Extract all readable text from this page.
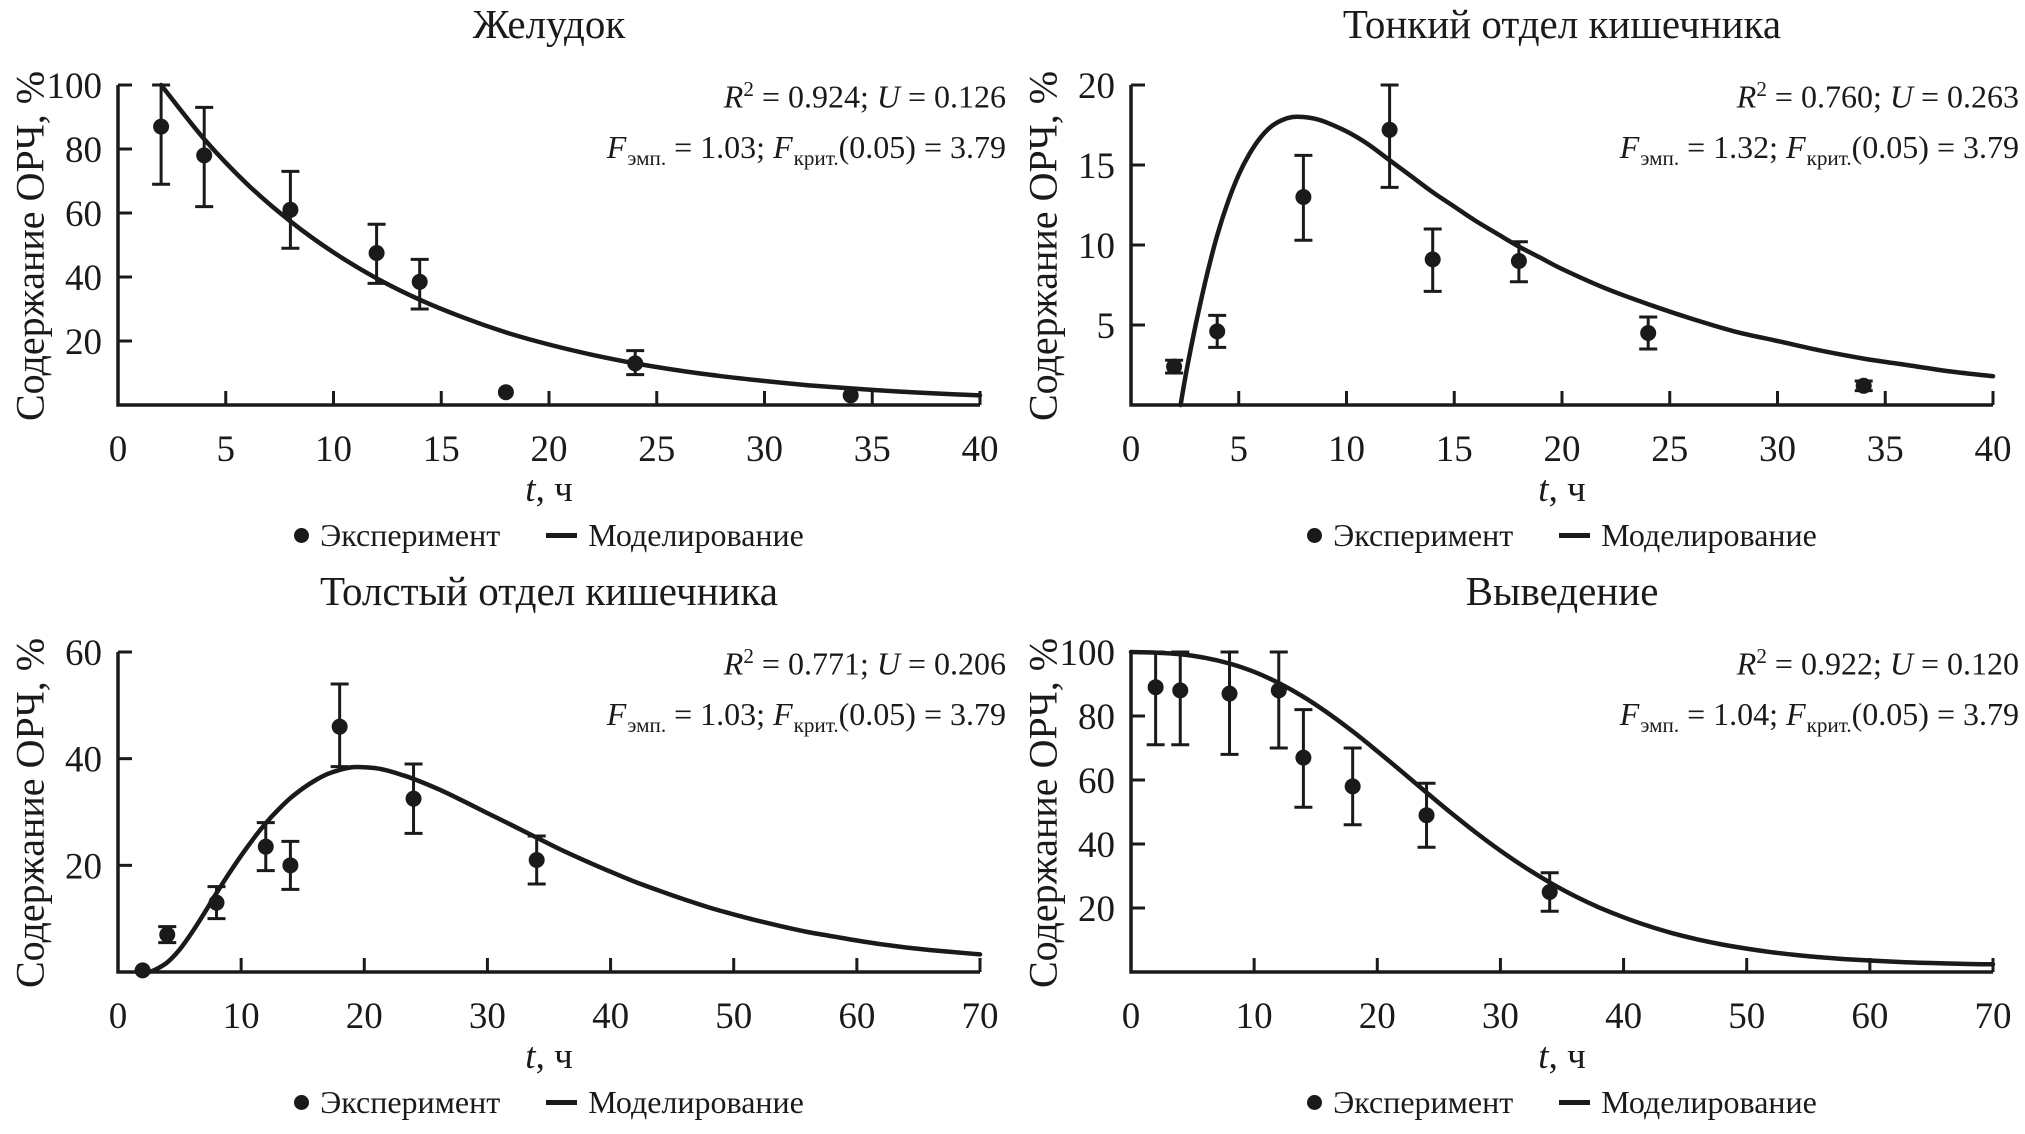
0 5 10 15 20 25 30 35 40
20
40
60
80
100
Желудок
$R^2 = 0.924$; U = 0.126
$F_{эмп.} = 1.03$; $F_{крит.}(0.05) = 3.79$
Содержание ОРЧ, %
t, ч
Эксперимент	Моделирование
0 5 10 15 20 25 30 35 40
5
10
15
20
Тонкий отдел кишечника
$R^2 = 0.760$; U = 0.263
$F_{эмп.} = 1.32$; $F_{крит.}(0.05) = 3.79$
Содержание ОРЧ, %
t, ч
Эксперимент	Моделирование
0	10 20 30 40 50 60 70
20
40
60
Толстый отдел кишечника
$R^2 = 0.771$; U = 0.206
$F_{эмп.} = 1.03$; $F_{крит.}(0.05) = 3.79$
Содержание ОРЧ, %
t, ч
Эксперимент	Моделирование
0	10 20 30 40 50 60 70
20
40
60
80
100
Выведение
$R^2 = 0.922$; U = 0.120
$F_{эмп.} = 1.04$; $F_{крит.}(0.05) = 3.79$
Содержание ОРЧ, %
t, ч
Эксперимент	Моделирование
